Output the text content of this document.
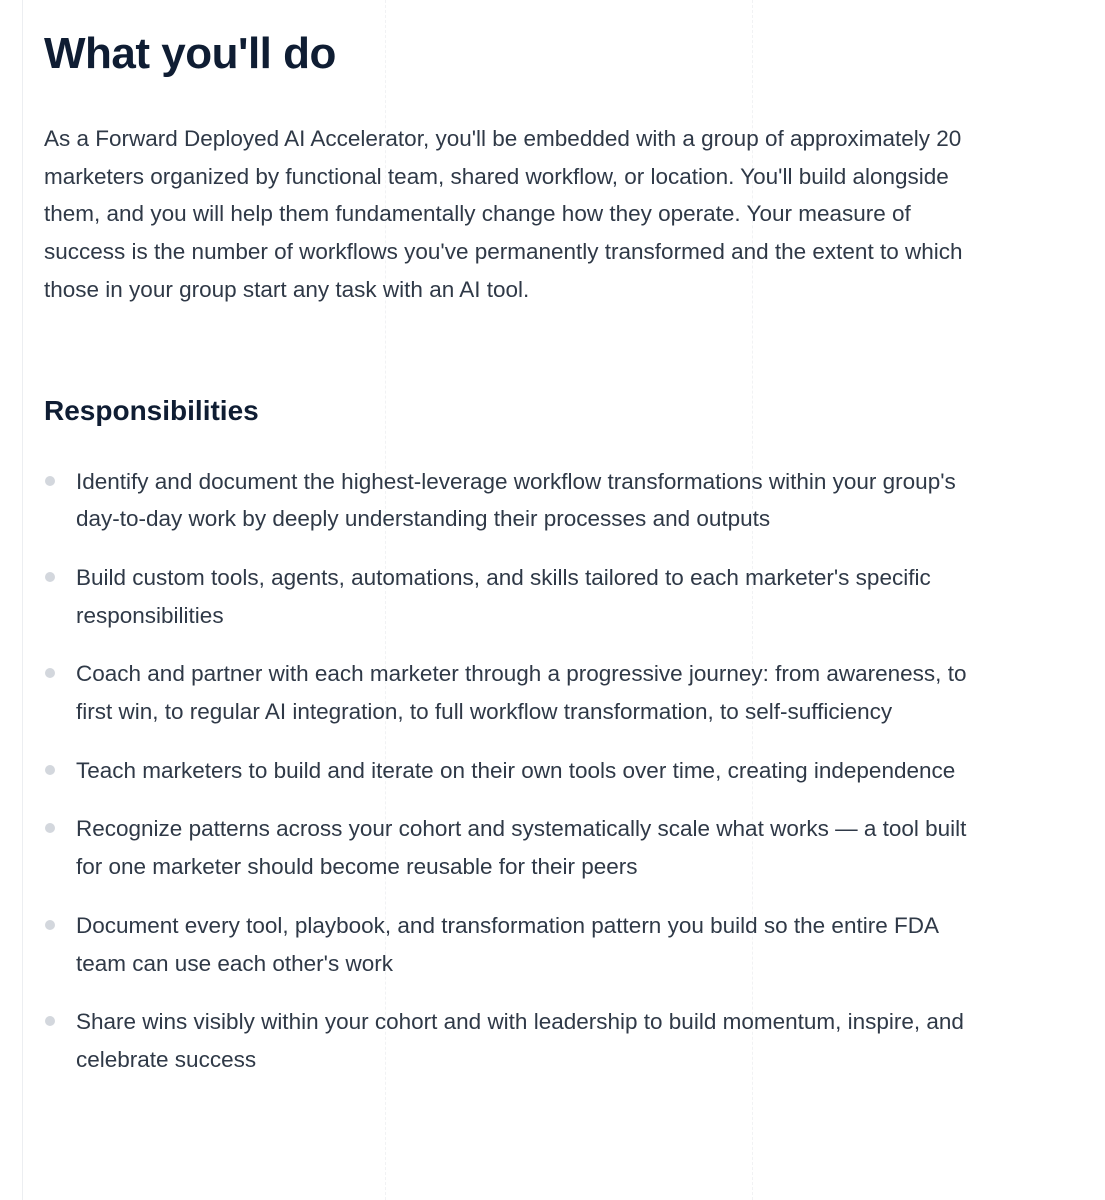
What you'll do

As a Forward Deployed AI Accelerator, you'll be embedded with a group of approximately 20 marketers organized by functional team, shared workflow, or location. You'll build alongside them, and you will help them fundamentally change how they operate. Your measure of success is the number of workflows you've permanently transformed and the extent to which those in your group start any task with an AI tool.

Responsibilities
Identify and document the highest-leverage workflow transformations within your group's day-to-day work by deeply understanding their processes and outputs
Build custom tools, agents, automations, and skills tailored to each marketer's specific responsibilities
Coach and partner with each marketer through a progressive journey: from awareness, to first win, to regular AI integration, to full workflow transformation, to self-sufficiency
Teach marketers to build and iterate on their own tools over time, creating independence
Recognize patterns across your cohort and systematically scale what works — a tool built for one marketer should become reusable for their peers
Document every tool, playbook, and transformation pattern you build so the entire FDA team can use each other's work
Share wins visibly within your cohort and with leadership to build momentum, inspire, and celebrate success
